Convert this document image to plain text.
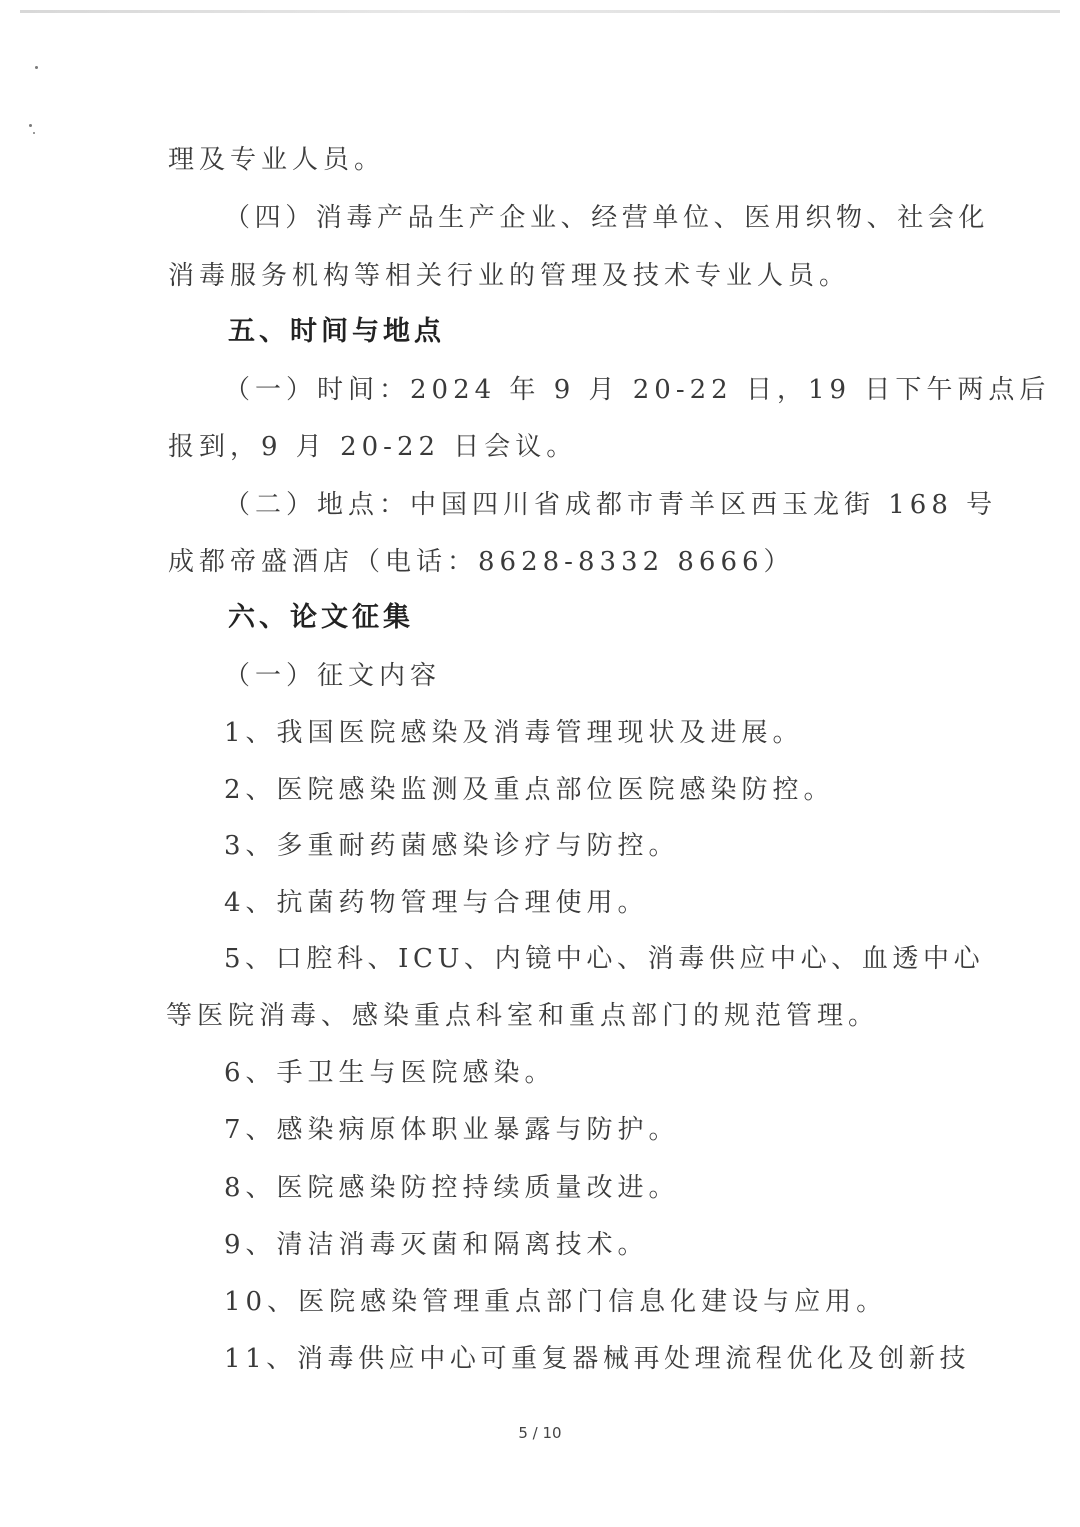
理及专业人员。
（四）消毒产品生产企业、经营单位、医用织物、社会化
消毒服务机构等相关行业的管理及技术专业人员。
五、时间与地点
（一）时间：2024 年 9 月 20-22 日，19 日下午两点后
报到，9 月 20-22 日会议。
（二）地点：中国四川省成都市青羊区西玉龙街 168 号
成都帝盛酒店（电话：8628-8332 8666）
六、论文征集
（一）征文内容
1、我国医院感染及消毒管理现状及进展。
2、医院感染监测及重点部位医院感染防控。
3、多重耐药菌感染诊疗与防控。
4、抗菌药物管理与合理使用。
5、口腔科、ICU、内镜中心、消毒供应中心、血透中心
等医院消毒、感染重点科室和重点部门的规范管理。
6、手卫生与医院感染。
7、感染病原体职业暴露与防护。
8、医院感染防控持续质量改进。
9、清洁消毒灭菌和隔离技术。
10、医院感染管理重点部门信息化建设与应用。
11、消毒供应中心可重复器械再处理流程优化及创新技
5 / 10
